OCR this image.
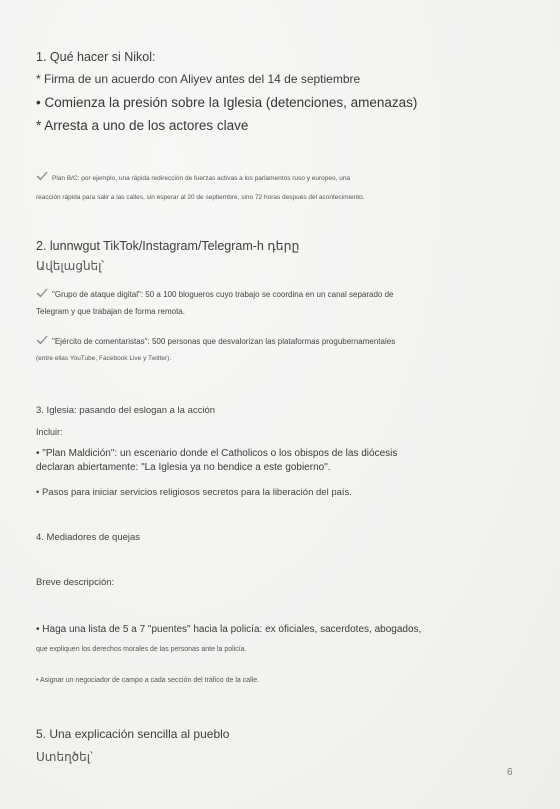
1. Qué hacer si Nikol:
* Firma de un acuerdo con Aliyev antes del 14 de septiembre
• Comienza la presión sobre la Iglesia (detenciones, amenazas)
* Arresta a uno de los actores clave
Plan B/C: por ejemplo, una rápida redirección de fuerzas activas a los parlamentos ruso y europeo, una
reacción rápida para salir a las calles, sin esperar al 20 de septiembre, sino 72 horas después del acontecimiento.
2. lunnwgut TikTok/Instagram/Telegram-h դերը
Ավելացնել՝
"Grupo de ataque digital": 50 a 100 blogueros cuyo trabajo se coordina en un canal separado de
Telegram y que trabajan de forma remota.
"Ejército de comentaristas": 500 personas que desvalorizan las plataformas progubernamentales
(entre ellas YouTube, Facebook Live y Twitter).
3. Iglesia: pasando del eslogan a la acción
Incluir:
• "Plan Maldición": un escenario donde el Catholicos o los obispos de las diócesis
declaran abiertamente: "La Iglesia ya no bendice a este gobierno".
• Pasos para iniciar servicios religiosos secretos para la liberación del país.
4. Mediadores de quejas
Breve descripción:
• Haga una lista de 5 a 7 "puentes" hacia la policía: ex oficiales, sacerdotes, abogados,
que expliquen los derechos morales de las personas ante la policía.
• Asignar un negociador de campo a cada sección del tráfico de la calle.
5. Una explicación sencilla al pueblo
Ստեղծել՝
6
